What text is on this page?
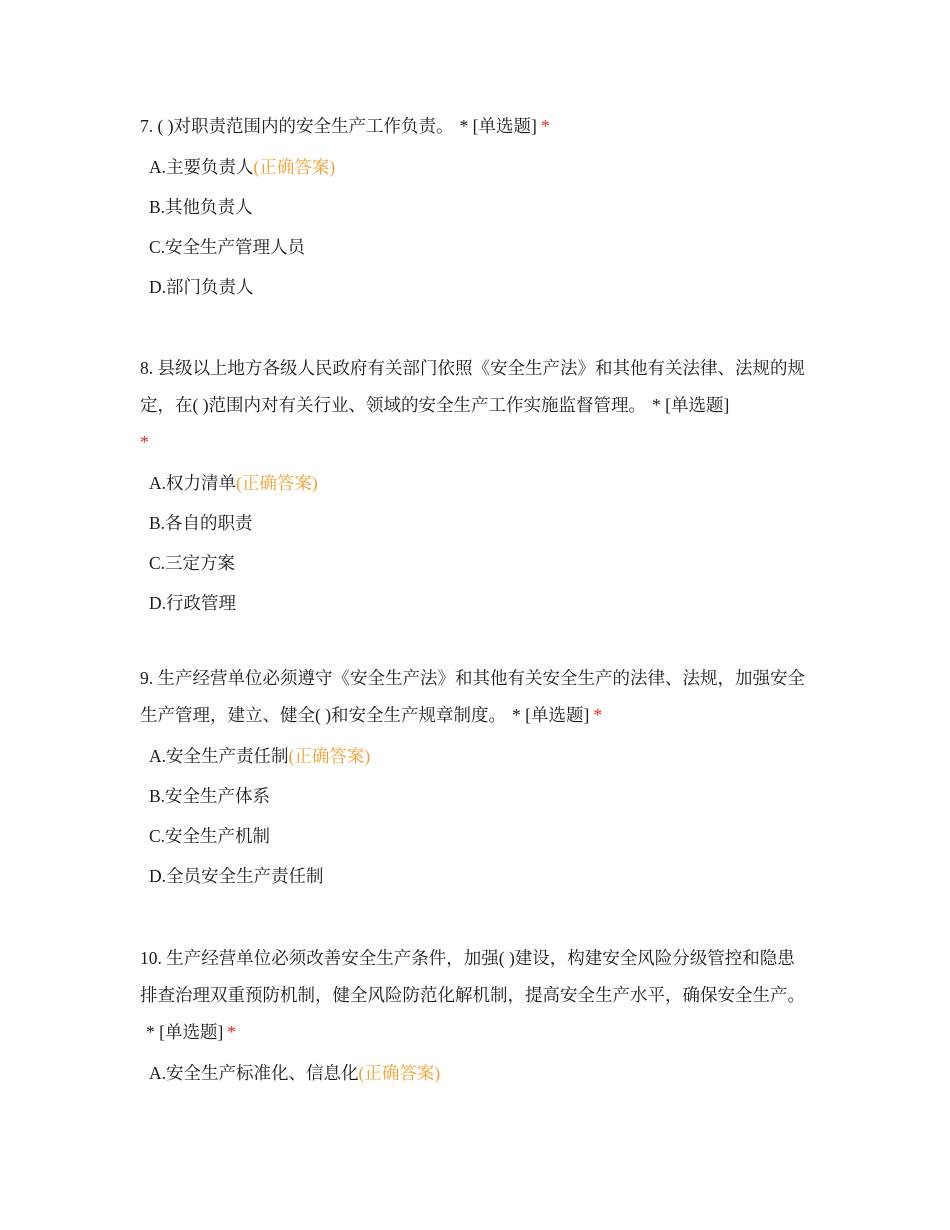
7. ( )对职责范围内的安全生产工作负责。 * [单选题] *

A.主要负责人(正确答案)
B.其他负责人
C.安全生产管理人员
D.部门负责人

8. 县级以上地方各级人民政府有关部门依照《安全生产法》和其他有关法律、法规的规定，在( )范围内对有关行业、领域的安全生产工作实施监督管理。 * [单选题]
*

A.权力清单(正确答案)
B.各自的职责
C.三定方案
D.行政管理

9. 生产经营单位必须遵守《安全生产法》和其他有关安全生产的法律、法规，加强安全生产管理，建立、健全( )和安全生产规章制度。 * [单选题] *

A.安全生产责任制(正确答案)
B.安全生产体系
C.安全生产机制
D.全员安全生产责任制

10. 生产经营单位必须改善安全生产条件，加强( )建设，构建安全风险分级管控和隐患排查治理双重预防机制，健全风险防范化解机制，提高安全生产水平，确保安全生产。* [单选题] *

A.安全生产标准化、信息化(正确答案)
